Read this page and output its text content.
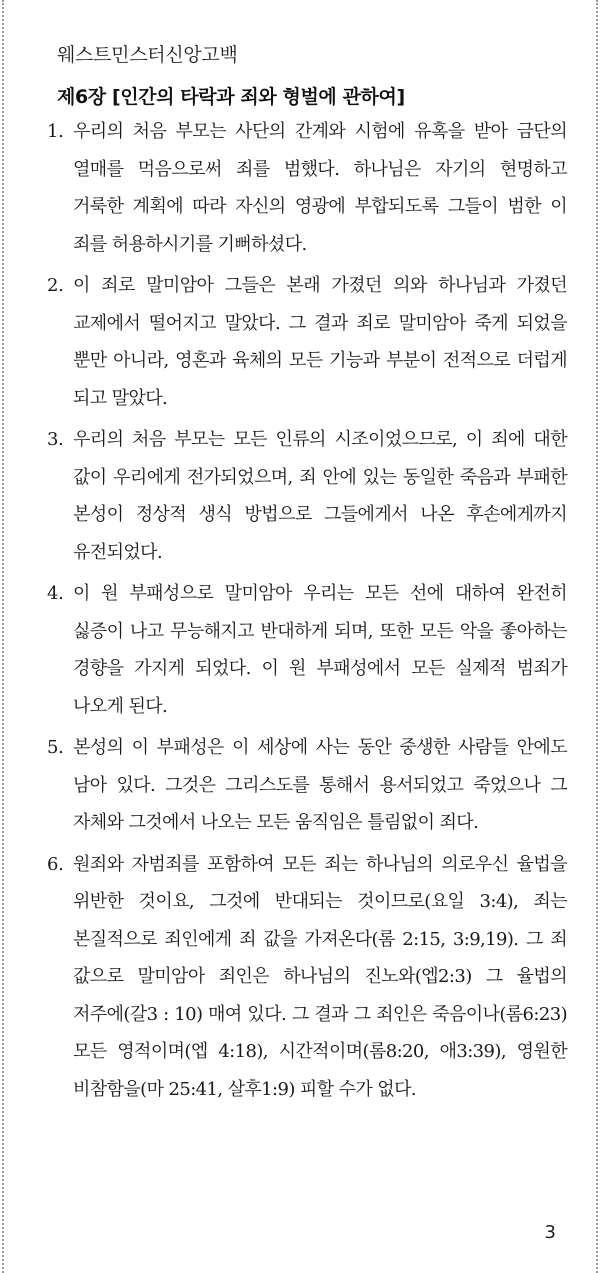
웨스트민스터신앙고백
제6장 [인간의 타락과 죄와 형벌에 관하여]
1. 우리의 처음 부모는 사단의 간계와 시험에 유혹을 받아 금단의 열매를 먹음으로써 죄를 범했다. 하나님은 자기의 현명하고 거룩한 계획에 따라 자신의 영광에 부합되도록 그들이 범한 이 죄를 허용하시기를 기뻐하셨다.
2. 이 죄로 말미암아 그들은 본래 가졌던 의와 하나님과 가졌던 교제에서 떨어지고 말았다. 그 결과 죄로 말미암아 죽게 되었을 뿐만 아니라, 영혼과 육체의 모든 기능과 부분이 전적으로 더럽게 되고 말았다.
3. 우리의 처음 부모는 모든 인류의 시조이었으므로, 이 죄에 대한 값이 우리에게 전가되었으며, 죄 안에 있는 동일한 죽음과 부패한 본성이 정상적 생식 방법으로 그들에게서 나온 후손에게까지 유전되었다.
4. 이 원 부패성으로 말미암아 우리는 모든 선에 대하여 완전히 싫증이 나고 무능해지고 반대하게 되며, 또한 모든 악을 좋아하는 경향을 가지게 되었다. 이 원 부패성에서 모든 실제적 범죄가 나오게 된다.
5. 본성의 이 부패성은 이 세상에 사는 동안 중생한 사람들 안에도 남아 있다. 그것은 그리스도를 통해서 용서되었고 죽었으나 그 자체와 그것에서 나오는 모든 움직임은 틀림없이 죄다.
6. 원죄와 자범죄를 포함하여 모든 죄는 하나님의 의로우신 율법을 위반한 것이요, 그것에 반대되는 것이므로(요일 3:4), 죄는 본질적으로 죄인에게 죄 값을 가져온다(롬 2:15, 3:9,19). 그 죄 값으로 말미암아 죄인은 하나님의 진노와(엡2:3) 그 율법의 저주에(갈3 : 10) 매여 있다. 그 결과 그 죄인은 죽음이나(롬6:23) 모든 영적이며(엡 4:18), 시간적이며(롬8:20, 애3:39), 영원한 비참함을(마 25:41, 살후1:9) 피할 수가 없다.
3
